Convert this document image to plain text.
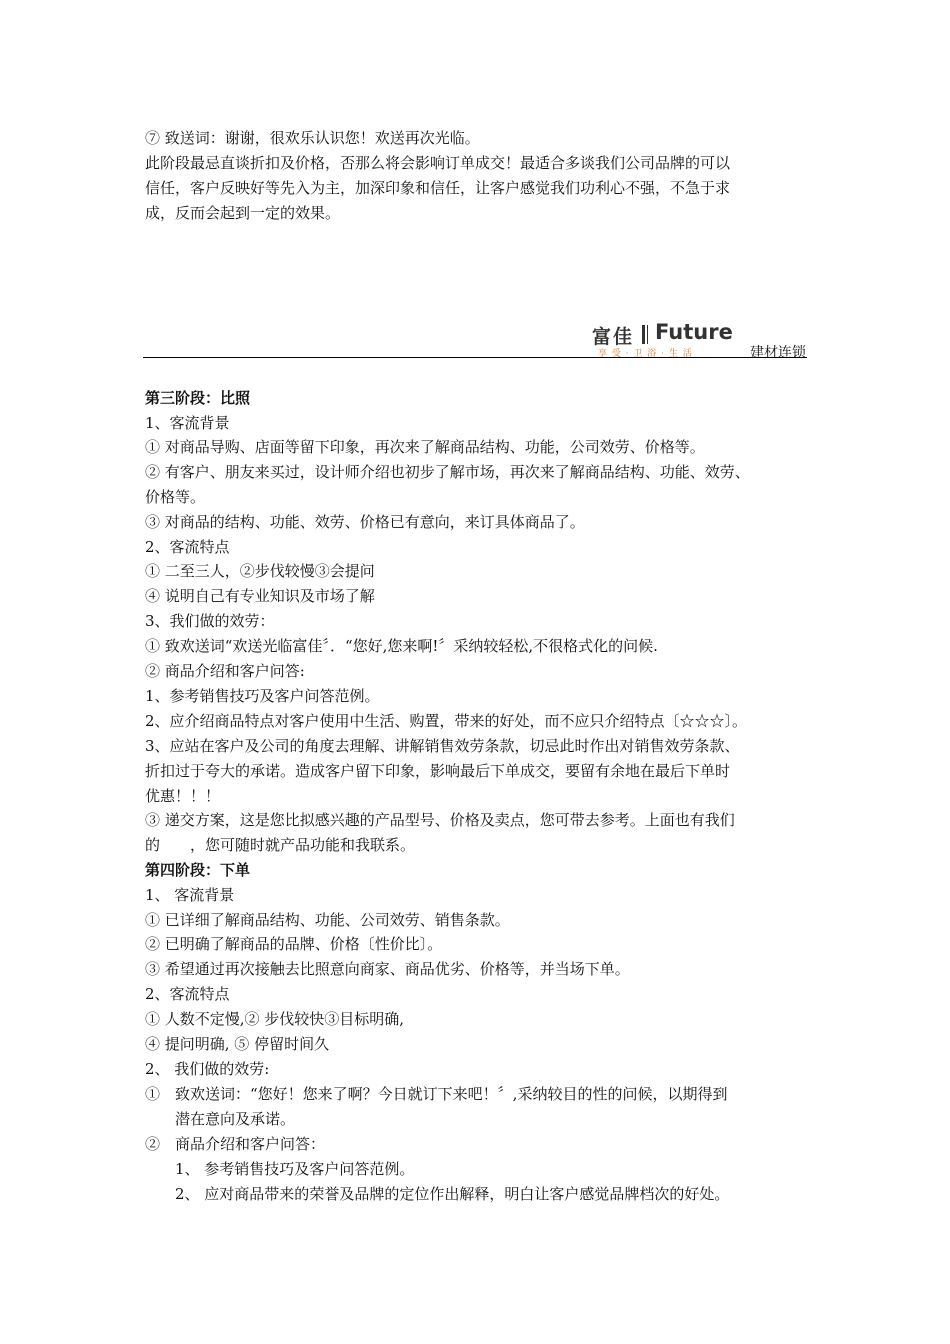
⑦ 致送词：谢谢，很欢乐认识您！欢送再次光临。
此阶段最忌直谈折扣及价格，否那么将会影响订单成交！最适合多谈我们公司品牌的可以
信任，客户反映好等先入为主，加深印象和信任，让客户感觉我们功利心不强，不急于求
成，反而会起到一定的效果。
富佳 Future
享 受 · 卫 浴 · 生 活	建材连锁
第三阶段：比照
1、客流背景
① 对商品导购、店面等留下印象，再次来了解商品结构、功能，公司效劳、价格等。
② 有客户、朋友来买过，设计师介绍也初步了解市场，再次来了解商品结构、功能、效劳、
价格等。
③ 对商品的结构、功能、效劳、价格已有意向，来订具体商品了。
2、客流特点
① 二至三人，②步伐较慢③会提问
④ 说明自己有专业知识及市场了解
3、我们做的效劳：
① 致欢送词“欢送光临富佳〞．“您好,您来啊!〞采纳较轻松,不很格式化的问候.
② 商品介绍和客户问答:
1、参考销售技巧及客户问答范例。
2、应介绍商品特点对客户使用中生活、购置，带来的好处，而不应只介绍特点〔☆☆☆〕。
3、应站在客户及公司的角度去理解、讲解销售效劳条款，切忌此时作出对销售效劳条款、
折扣过于夸大的承诺。造成客户留下印象，影响最后下单成交，要留有余地在最后下单时
优惠！！！
③ 递交方案，这是您比拟感兴趣的产品型号、价格及卖点，您可带去参考。上面也有我们
的　　，您可随时就产品功能和我联系。
第四阶段：下单
1、 客流背景
① 已详细了解商品结构、功能、公司效劳、销售条款。
② 已明确了解商品的品牌、价格〔性价比〕。
③ 希望通过再次接触去比照意向商家、商品优劣、价格等，并当场下单。
2、客流特点
① 人数不定慢,② 步伐较快③目标明确,
④ 提问明确, ⑤ 停留时间久
2、 我们做的效劳:
①　致欢送词：“您好！您来了啊？今日就订下来吧！〞,采纳较目的性的问候，以期得到
　　潜在意向及承诺。
②　商品介绍和客户问答：
　　1、 参考销售技巧及客户问答范例。
　　2、 应对商品带来的荣誉及品牌的定位作出解释，明白让客户感觉品牌档次的好处。
